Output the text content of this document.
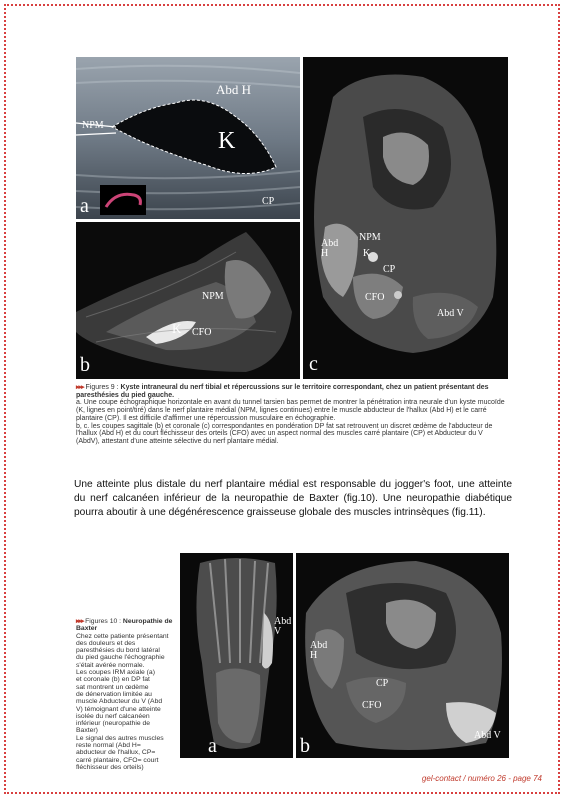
Abd H
NPM
K
CP
a
NPM
K CFO
b
Abd
H
NPM
K
CP
CFO
Abd V
c
▸▸▸ Figures 9 : Kyste intraneural du nerf tibial et répercussions sur le territoire correspondant, chez un patient présentant des paresthésies du pied gauche.
a. Une coupe échographique horizontale en avant du tunnel tarsien bas permet de montrer la pénétration intra neurale d'un kyste mucoïde (K, lignes en point/tiré) dans le nerf plantaire médial (NPM, lignes continues) entre le muscle abducteur de l'hallux (Abd H) et le carré plantaire (CP). Il est difficile d'affirmer une répercussion musculaire en échographie.
b, c. les coupes sagittale (b) et coronale (c) correspondantes en pondération DP fat sat retrouvent un discret œdème de l'abducteur de l'hallux (Abd H) et du court fléchisseur des orteils (CFO) avec un aspect normal des muscles carré plantaire (CP) et Abducteur du V (AbdV), attestant d'une atteinte sélective du nerf plantaire médial.
Une atteinte plus distale du nerf plantaire médial est responsable du jogger's foot, une atteinte du nerf calcanéen inférieur de la neuropathie de Baxter (fig.10). Une neuropathie diabétique pourra aboutir à une dégénérescence graisseuse globale des muscles intrinsèques (fig.11).
▸▸▸ Figures 10 : Neuropathie de Baxter
Chez cette patiente présentant
des douleurs et des
paresthésies du bord latéral
du pied gauche l'échographie
s'était avérée normale.
Les coupes IRM axiale (a)
et coronale (b) en DP fat
sat montrent un œdème
de dénervation limitée au
muscle Abducteur du V (Abd
V) témoignant d'une atteinte
isolée du nerf calcanéen
inférieur (neuropathie de
Baxter)
Le signal des autres muscles
reste normal (Abd H=
abducteur de l'hallux, CP=
carré plantaire, CFO= court
fléchisseur des orteils)
Abd
V
a
Abd
H
CP
CFO
Abd V
b
gel-contact / numéro 26 - page 74
